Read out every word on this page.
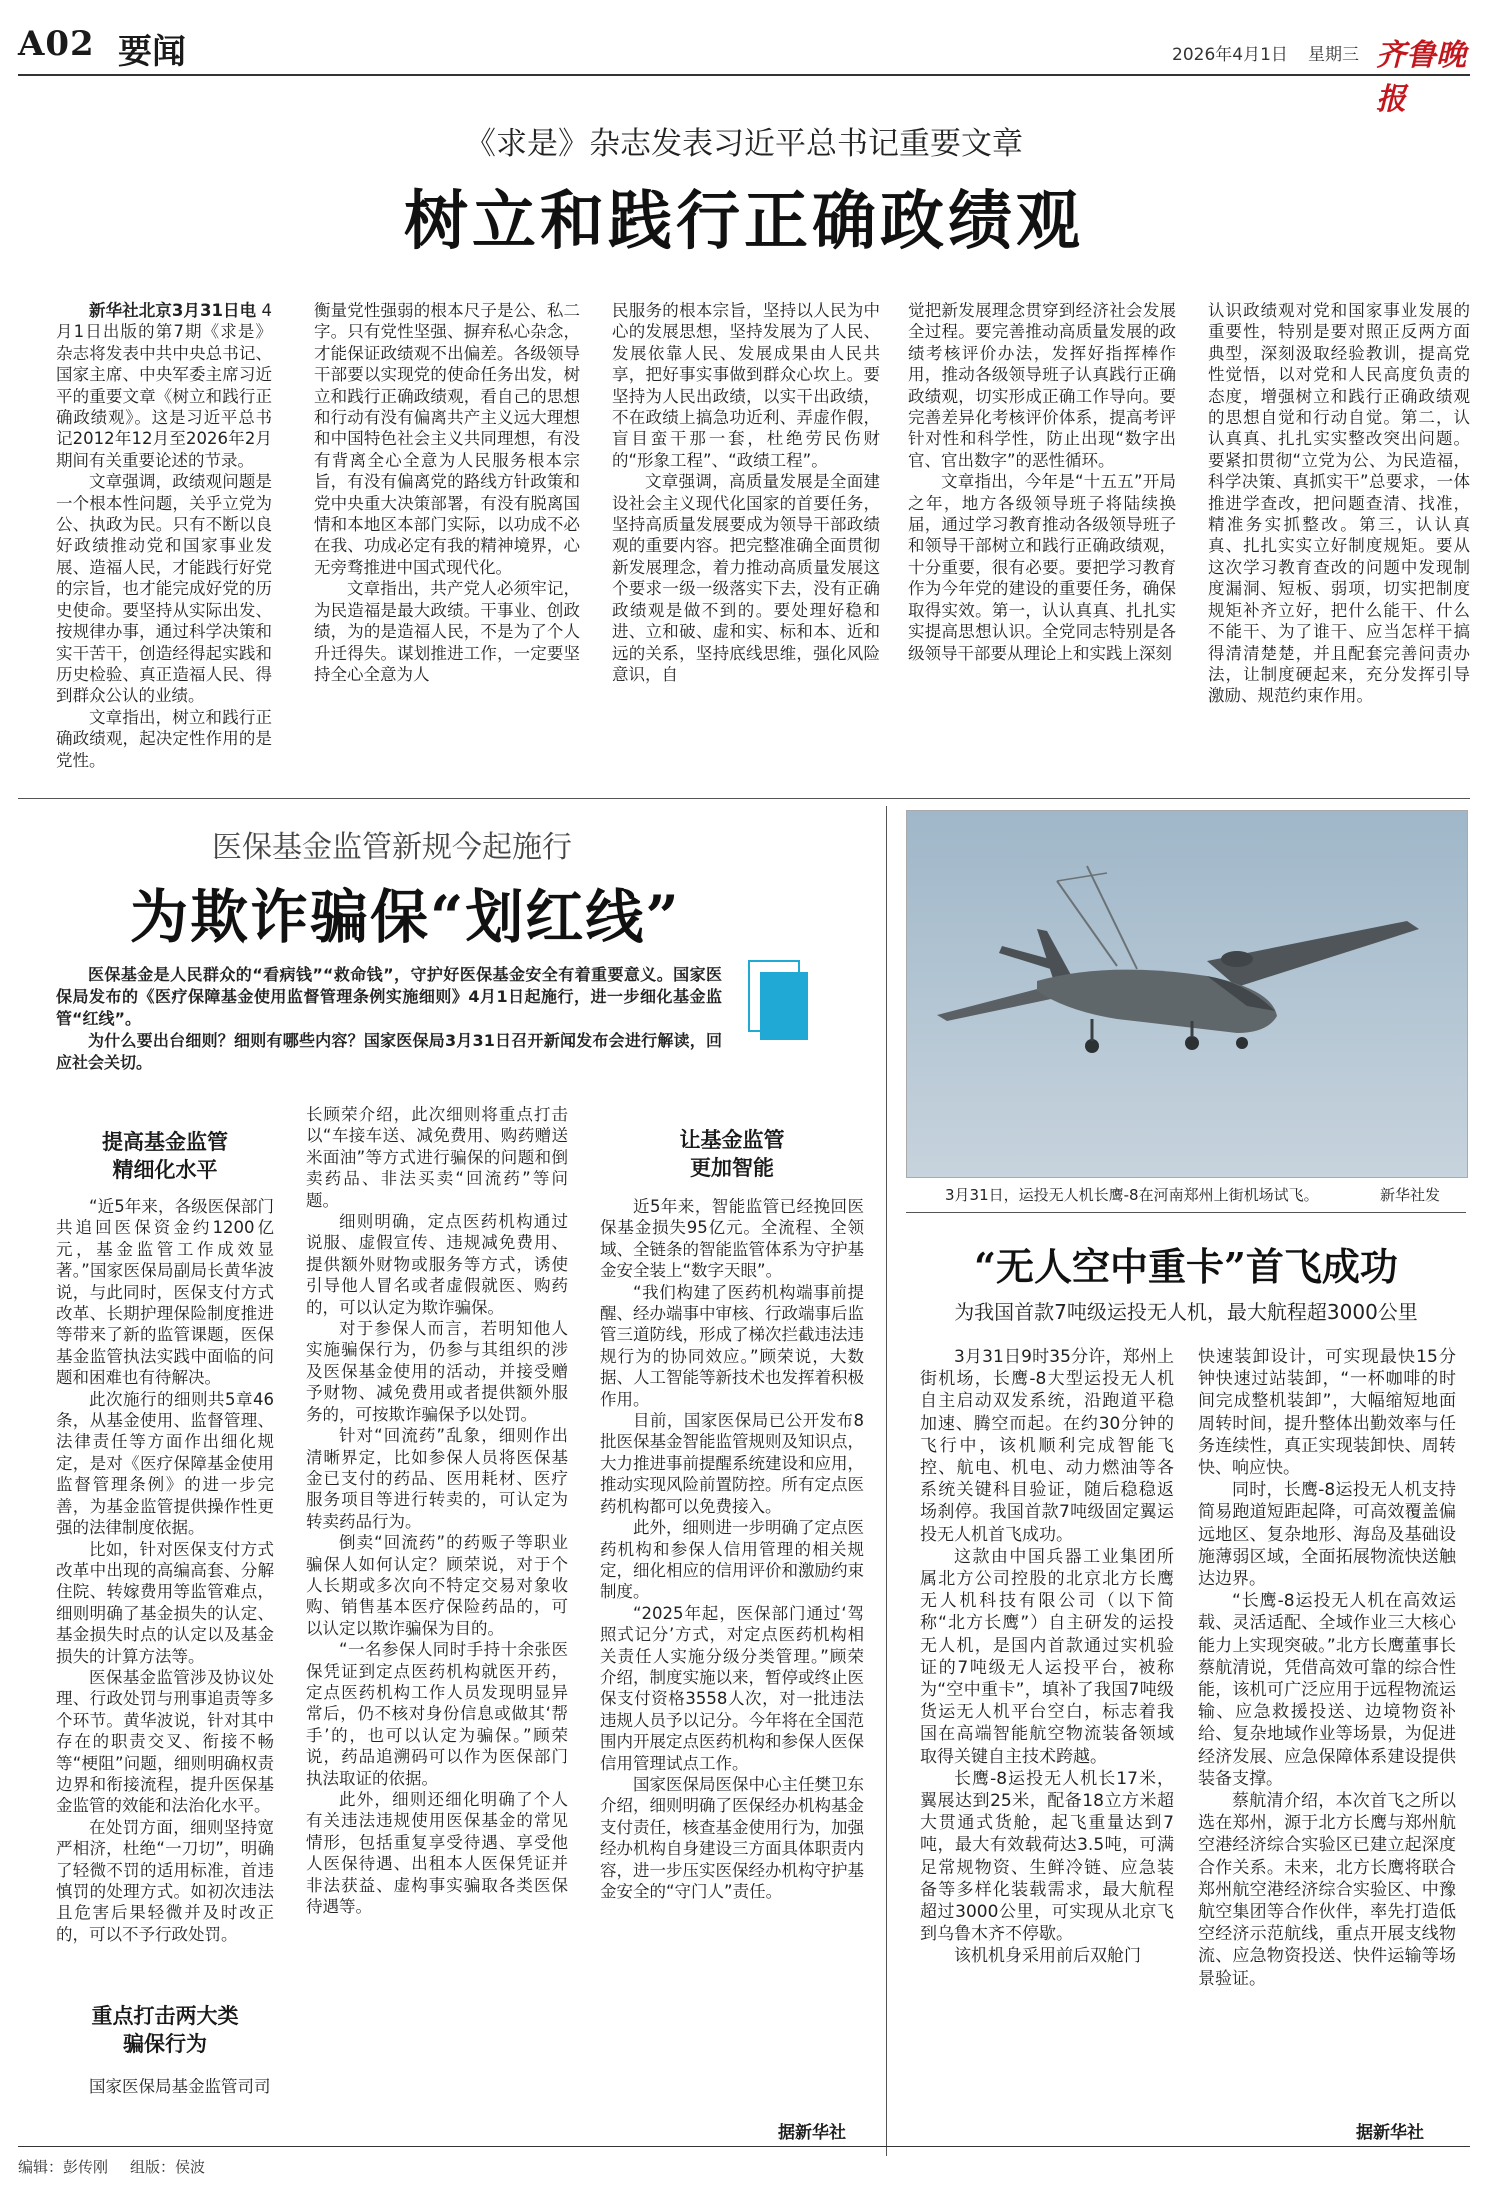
A02 要闻	2026年4月1日 星期三 齐鲁晚报
《求是》杂志发表习近平总书记重要文章
树立和践行正确政绩观

新华社北京3月31日电 4月1日出版的第7期《求是》杂志将发表中共中央总书记、国家主席、中央军委主席习近平的重要文章《树立和践行正确政绩观》。这是习近平总书记2012年12月至2026年2月期间有关重要论述的节录。

文章强调，政绩观问题是一个根本性问题，关乎立党为公、执政为民。只有不断以良好政绩推动党和国家事业发展、造福人民，才能践行好党的宗旨，也才能完成好党的历史使命。要坚持从实际出发、按规律办事，通过科学决策和实干苦干，创造经得起实践和历史检验、真正造福人民、得到群众公认的业绩。

文章指出，树立和践行正确政绩观，起决定性作用的是党性。

衡量党性强弱的根本尺子是公、私二字。只有党性坚强、摒弃私心杂念，才能保证政绩观不出偏差。各级领导干部要以实现党的使命任务出发，树立和践行正确政绩观，看自己的思想和行动有没有偏离共产主义远大理想和中国特色社会主义共同理想，有没有背离全心全意为人民服务根本宗旨，有没有偏离党的路线方针政策和党中央重大决策部署，有没有脱离国情和本地区本部门实际，以功成不必在我、功成必定有我的精神境界，心无旁骛推进中国式现代化。

文章指出，共产党人必须牢记，为民造福是最大政绩。干事业、创政绩，为的是造福人民，不是为了个人升迁得失。谋划推进工作，一定要坚持全心全意为人

民服务的根本宗旨，坚持以人民为中心的发展思想，坚持发展为了人民、发展依靠人民、发展成果由人民共享，把好事实事做到群众心坎上。要坚持为人民出政绩，以实干出政绩，不在政绩上搞急功近利、弄虚作假，盲目蛮干那一套，杜绝劳民伤财的“形象工程”、“政绩工程”。

文章强调，高质量发展是全面建设社会主义现代化国家的首要任务，坚持高质量发展要成为领导干部政绩观的重要内容。把完整准确全面贯彻新发展理念，着力推动高质量发展这个要求一级一级落实下去，没有正确政绩观是做不到的。要处理好稳和进、立和破、虚和实、标和本、近和远的关系，坚持底线思维，强化风险意识，自

觉把新发展理念贯穿到经济社会发展全过程。要完善推动高质量发展的政绩考核评价办法，发挥好指挥棒作用，推动各级领导班子认真践行正确政绩观，切实形成正确工作导向。要完善差异化考核评价体系，提高考评针对性和科学性，防止出现“数字出官、官出数字”的恶性循环。

文章指出，今年是“十五五”开局之年，地方各级领导班子将陆续换届，通过学习教育推动各级领导班子和领导干部树立和践行正确政绩观，十分重要，很有必要。要把学习教育作为今年党的建设的重要任务，确保取得实效。第一，认认真真、扎扎实实提高思想认识。全党同志特别是各级领导干部要从理论上和实践上深刻

认识政绩观对党和国家事业发展的重要性，特别是要对照正反两方面典型，深刻汲取经验教训，提高党性觉悟，以对党和人民高度负责的态度，增强树立和践行正确政绩观的思想自觉和行动自觉。第二，认认真真、扎扎实实整改突出问题。要紧扣贯彻“立党为公、为民造福，科学决策、真抓实干”总要求，一体推进学查改，把问题查清、找准，精准务实抓整改。第三，认认真真、扎扎实实立好制度规矩。要从这次学习教育查改的问题中发现制度漏洞、短板、弱项，切实把制度规矩补齐立好，把什么能干、什么不能干、为了谁干、应当怎样干搞得清清楚楚，并且配套完善问责办法，让制度硬起来，充分发挥引导激励、规范约束作用。

医保基金监管新规今起施行
为欺诈骗保“划红线”

医保基金是人民群众的“看病钱”“救命钱”，守护好医保基金安全有着重要意义。国家医保局发布的《医疗保障基金使用监督管理条例实施细则》4月1日起施行，进一步细化基金监管“红线”。

为什么要出台细则？细则有哪些内容？国家医保局3月31日召开新闻发布会进行解读，回应社会关切。

提高基金监管
精细化水平

“近5年来，各级医保部门共追回医保资金约1200亿元，基金监管工作成效显著。”国家医保局副局长黄华波说，与此同时，医保支付方式改革、长期护理保险制度推进等带来了新的监管课题，医保基金监管执法实践中面临的问题和困难也有待解决。

此次施行的细则共5章46条，从基金使用、监督管理、法律责任等方面作出细化规定，是对《医疗保障基金使用监督管理条例》的进一步完善，为基金监管提供操作性更强的法律制度依据。

比如，针对医保支付方式改革中出现的高编高套、分解住院、转嫁费用等监管难点，细则明确了基金损失的认定、基金损失时点的认定以及基金损失的计算方法等。

医保基金监管涉及协议处理、行政处罚与刑事追责等多个环节。黄华波说，针对其中存在的职责交叉、衔接不畅等“梗阻”问题，细则明确权责边界和衔接流程，提升医保基金监管的效能和法治化水平。

在处罚方面，细则坚持宽严相济，杜绝“一刀切”，明确了轻微不罚的适用标准，首违慎罚的处理方式。如初次违法且危害后果轻微并及时改正的，可以不予行政处罚。

重点打击两大类
骗保行为

国家医保局基金监管司司

长顾荣介绍，此次细则将重点打击以“车接车送、减免费用、购药赠送米面油”等方式进行骗保的问题和倒卖药品、非法买卖“回流药”等问题。

细则明确，定点医药机构通过说服、虚假宣传、违规减免费用、提供额外财物或服务等方式，诱使引导他人冒名或者虚假就医、购药的，可以认定为欺诈骗保。

对于参保人而言，若明知他人实施骗保行为，仍参与其组织的涉及医保基金使用的活动，并接受赠予财物、减免费用或者提供额外服务的，可按欺诈骗保予以处罚。

针对“回流药”乱象，细则作出清晰界定，比如参保人员将医保基金已支付的药品、医用耗材、医疗服务项目等进行转卖的，可认定为转卖药品行为。

倒卖“回流药”的药贩子等职业骗保人如何认定？顾荣说，对于个人长期或多次向不特定交易对象收购、销售基本医疗保险药品的，可以认定以欺诈骗保为目的。

“一名参保人同时手持十余张医保凭证到定点医药机构就医开药，定点医药机构工作人员发现明显异常后，仍不核对身份信息或做其‘帮手’的，也可以认定为骗保。”顾荣说，药品追溯码可以作为医保部门执法取证的依据。

此外，细则还细化明确了个人有关违法违规使用医保基金的常见情形，包括重复享受待遇、享受他人医保待遇、出租本人医保凭证并非法获益、虚构事实骗取各类医保待遇等。

让基金监管
更加智能

近5年来，智能监管已经挽回医保基金损失95亿元。全流程、全领域、全链条的智能监管体系为守护基金安全装上“数字天眼”。

“我们构建了医药机构端事前提醒、经办端事中审核、行政端事后监管三道防线，形成了梯次拦截违法违规行为的协同效应。”顾荣说，大数据、人工智能等新技术也发挥着积极作用。

目前，国家医保局已公开发布8批医保基金智能监管规则及知识点，大力推进事前提醒系统建设和应用，推动实现风险前置防控。所有定点医药机构都可以免费接入。

此外，细则进一步明确了定点医药机构和参保人信用管理的相关规定，细化相应的信用评价和激励约束制度。

“2025年起，医保部门通过‘驾照式记分’方式，对定点医药机构相关责任人实施分级分类管理。”顾荣介绍，制度实施以来，暂停或终止医保支付资格3558人次，对一批违法违规人员予以记分。今年将在全国范围内开展定点医药机构和参保人医保信用管理试点工作。

国家医保局医保中心主任樊卫东介绍，细则明确了医保经办机构基金支付责任，核查基金使用行为，加强经办机构自身建设三方面具体职责内容，进一步压实医保经办机构守护基金安全的“守门人”责任。

据新华社
3月31日，运投无人机长鹰-8在河南郑州上街机场试飞。	新华社发
“无人空中重卡”首飞成功
为我国首款7吨级运投无人机，最大航程超3000公里

3月31日9时35分许，郑州上街机场，长鹰-8大型运投无人机自主启动双发系统，沿跑道平稳加速、腾空而起。在约30分钟的飞行中，该机顺利完成智能飞控、航电、机电、动力燃油等各系统关键科目验证，随后稳稳返场刹停。我国首款7吨级固定翼运投无人机首飞成功。

这款由中国兵器工业集团所属北方公司控股的北京北方长鹰无人机科技有限公司（以下简称“北方长鹰”）自主研发的运投无人机，是国内首款通过实机验证的7吨级无人运投平台，被称为“空中重卡”，填补了我国7吨级货运无人机平台空白，标志着我国在高端智能航空物流装备领域取得关键自主技术跨越。

长鹰-8运投无人机长17米，翼展达到25米，配备18立方米超大贯通式货舱，起飞重量达到7吨，最大有效载荷达3.5吨，可满足常规物资、生鲜冷链、应急装备等多样化装载需求，最大航程超过3000公里，可实现从北京飞到乌鲁木齐不停歇。

该机机身采用前后双舱门

快速装卸设计，可实现最快15分钟快速过站装卸，“一杯咖啡的时间完成整机装卸”，大幅缩短地面周转时间，提升整体出勤效率与任务连续性，真正实现装卸快、周转快、响应快。

同时，长鹰-8运投无人机支持简易跑道短距起降，可高效覆盖偏远地区、复杂地形、海岛及基础设施薄弱区域，全面拓展物流快送触达边界。

“长鹰-8运投无人机在高效运载、灵活适配、全域作业三大核心能力上实现突破。”北方长鹰董事长蔡航清说，凭借高效可靠的综合性能，该机可广泛应用于远程物流运输、应急救援投送、边境物资补给、复杂地域作业等场景，为促进经济发展、应急保障体系建设提供装备支撑。

蔡航清介绍，本次首飞之所以选在郑州，源于北方长鹰与郑州航空港经济综合实验区已建立起深度合作关系。未来，北方长鹰将联合郑州航空港经济综合实验区、中豫航空集团等合作伙伴，率先打造低空经济示范航线，重点开展支线物流、应急物资投送、快件运输等场景验证。

据新华社
编辑：彭传刚 组版：侯波
